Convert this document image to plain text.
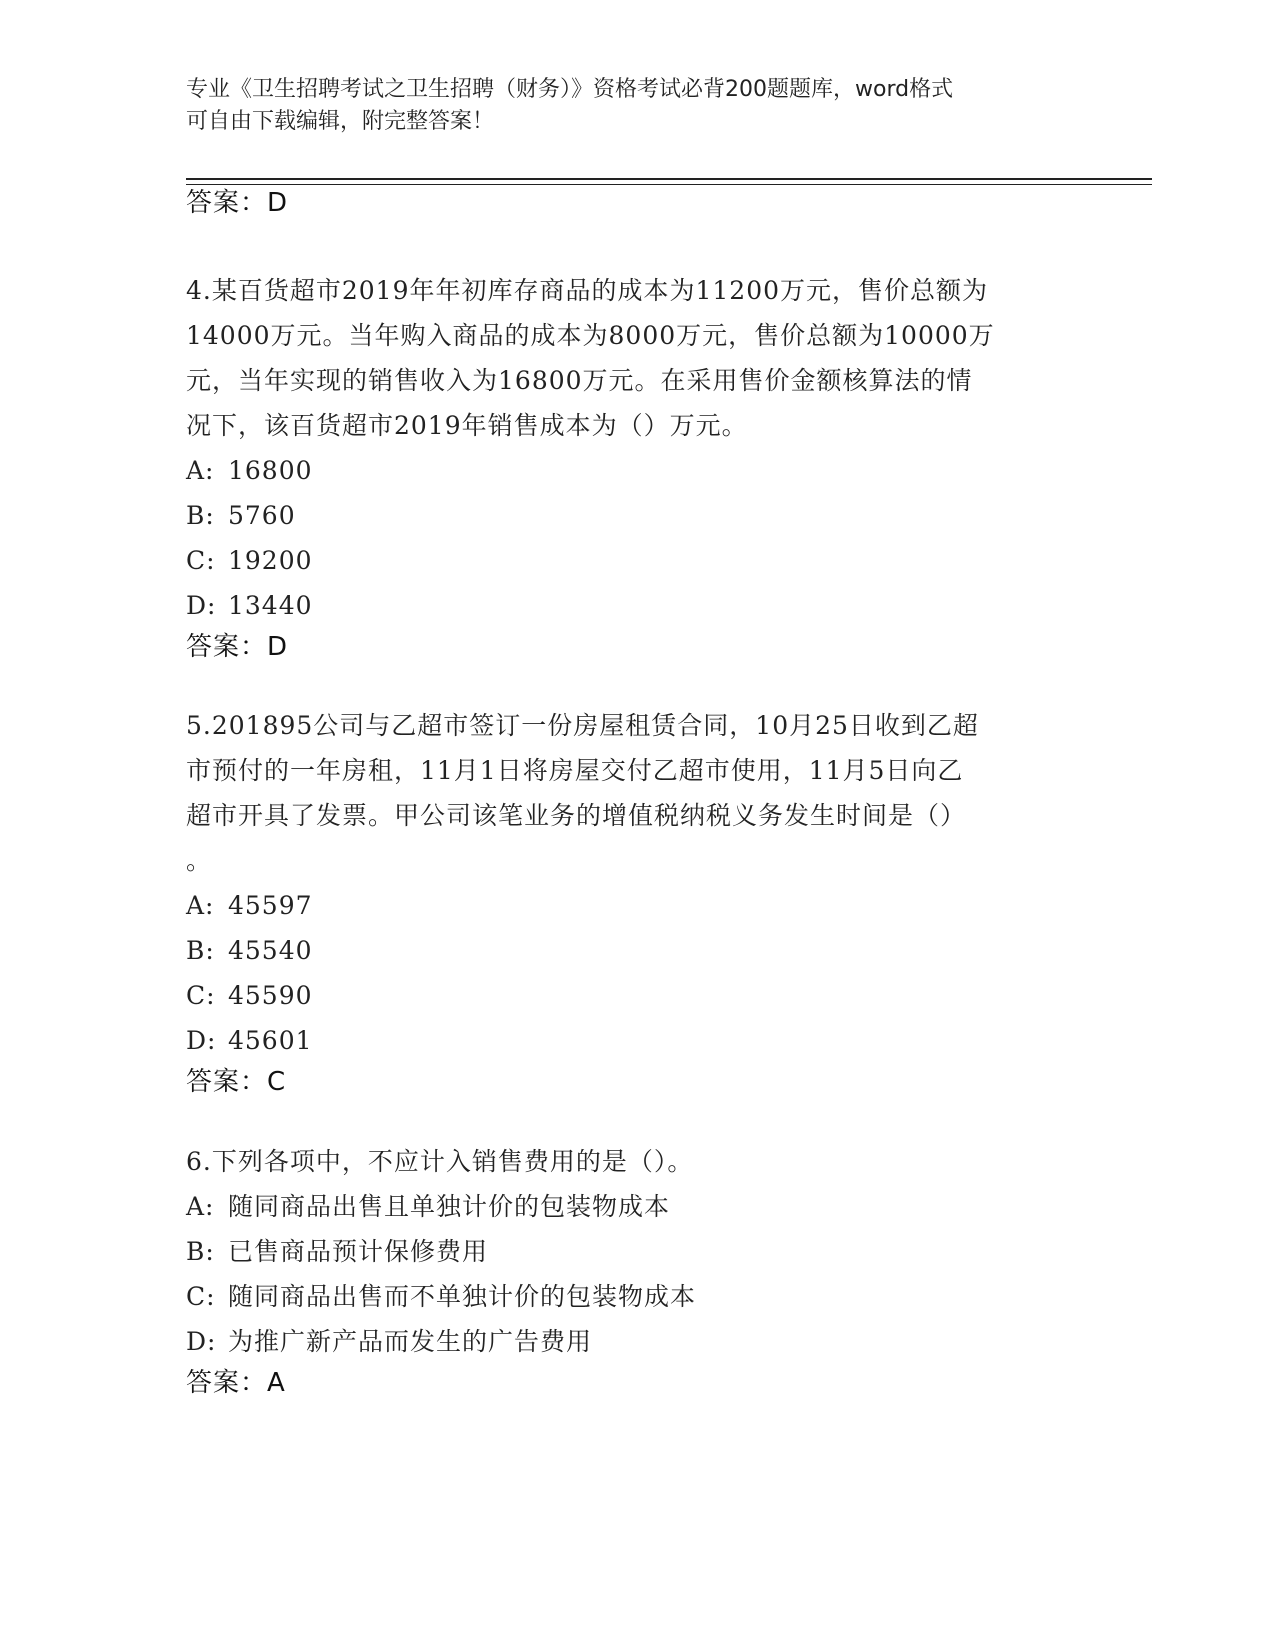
专业《卫生招聘考试之卫生招聘（财务）》资格考试必背200题题库，word格式
可自由下载编辑，附完整答案！
答案：D

4.某百货超市2019年年初库存商品的成本为11200万元，售价总额为
14000万元。当年购入商品的成本为8000万元，售价总额为10000万
元，当年实现的销售收入为16800万元。在采用售价金额核算法的情
况下，该百货超市2019年销售成本为（）万元。

A: 16800
B: 5760
C: 19200
D: 13440
答案：D

5.201895公司与乙超市签订一份房屋租赁合同，10月25日收到乙超
市预付的一年房租，11月1日将房屋交付乙超市使用，11月5日向乙
超市开具了发票。甲公司该笔业务的增值税纳税义务发生时间是（）
。

A: 45597
B: 45540
C: 45590
D: 45601
答案：C

6.下列各项中，不应计入销售费用的是（）。

A: 随同商品出售且单独计价的包装物成本
B: 已售商品预计保修费用
C: 随同商品出售而不单独计价的包装物成本
D: 为推广新产品而发生的广告费用
答案：A
